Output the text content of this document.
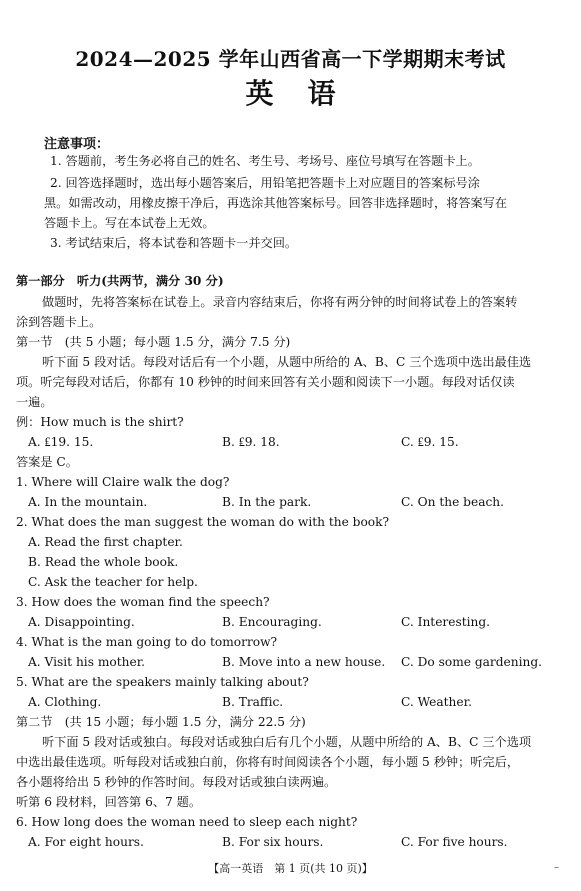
2024—2025 学年山西省高一下学期期末考试
英语
注意事项：
1. 答题前，考生务必将自己的姓名、考生号、考场号、座位号填写在答题卡上。
2. 回答选择题时，选出每小题答案后，用铅笔把答题卡上对应题目的答案标号涂
黑。如需改动，用橡皮擦干净后，再选涂其他答案标号。回答非选择题时，将答案写在
答题卡上。写在本试卷上无效。
3. 考试结束后，将本试卷和答题卡一并交回。
第一部分　听力(共两节，满分 30 分)
做题时，先将答案标在试卷上。录音内容结束后，你将有两分钟的时间将试卷上的答案转
涂到答题卡上。
第一节　(共 5 小题；每小题 1.5 分，满分 7.5 分)
听下面 5 段对话。每段对话后有一个小题，从题中所给的 A、B、C 三个选项中选出最佳选
项。听完每段对话后，你都有 10 秒钟的时间来回答有关小题和阅读下一小题。每段对话仅读
一遍。
例：How much is the shirt?
A. ₤19. 15.	B. ₤9. 18.	C. ₤9. 15.
答案是 C。
1. Where will Claire walk the dog?
A. In the mountain.	B. In the park.	C. On the beach.
2. What does the man suggest the woman do with the book?
A. Read the first chapter.
B. Read the whole book.
C. Ask the teacher for help.
3. How does the woman find the speech?
A. Disappointing.	B. Encouraging.	C. Interesting.
4. What is the man going to do tomorrow?
A. Visit his mother.	B. Move into a new house. C. Do some gardening.
5. What are the speakers mainly talking about?
A. Clothing.	B. Traffic.	C. Weather.
第二节　(共 15 小题；每小题 1.5 分，满分 22.5 分)
听下面 5 段对话或独白。每段对话或独白后有几个小题，从题中所给的 A、B、C 三个选项
中选出最佳选项。听每段对话或独白前，你将有时间阅读各个小题，每小题 5 秒钟；听完后，
各小题将给出 5 秒钟的作答时间。每段对话或独白读两遍。
听第 6 段材料，回答第 6、7 题。
6. How long does the woman need to sleep each night?
A. For eight hours.	B. For six hours.	C. For five hours.
【高一英语　第 1 页(共 10 页)】	–
